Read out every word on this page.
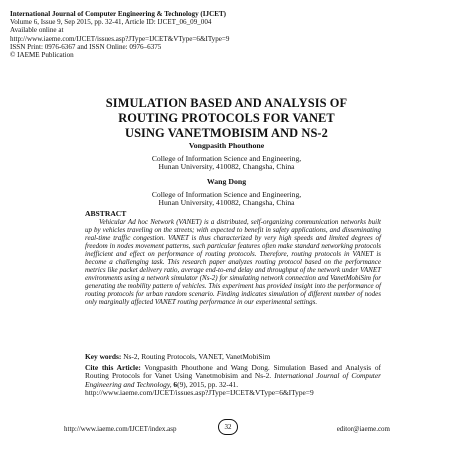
International Journal of Computer Engineering & Technology (IJCET)
Volume 6, Issue 9, Sep 2015, pp. 32-41, Article ID: IJCET_06_09_004
Available online at
http://www.iaeme.com/IJCET/issues.asp?JType=IJCET&VType=6&IType=9
ISSN Print: 0976-6367 and ISSN Online: 0976–6375
© IAEME Publication
SIMULATION BASED AND ANALYSIS OF
ROUTING PROTOCOLS FOR VANET
USING VANETMOBISIM AND NS-2
Vongpasith Phouthone
College of Information Science and Engineering,
Hunan University, 410082, Changsha, China
Wang Dong
College of Information Science and Engineering,
Hunan University, 410082, Changsha, China
ABSTRACT

Vehicular Ad hoc Network (VANET) is a distributed, self-organizing communication networks built up by vehicles traveling on the streets; with expected to benefit in safety applications, and disseminating real-time traffic congestion. VANET is thus characterized by very high speeds and limited degrees of freedom in nodes movement patterns, such particular features often make standard networking protocols inefficient and effect on performance of routing protocols. Therefore, routing protocols in VANET is become a challenging task. This research paper analyzes routing protocol based on the performance metrics like packet delivery ratio, average end-to-end delay and throughput of the network under VANET environments using a network simulator (Ns-2) for simulating network connection and VanetMobiSim for generating the mobility pattern of vehicles. This experiment has provided insight into the performance of routing protocols for urban random scenario. Finding indicates simulation of different number of nodes only marginally affected VANET routing performance in our experimental settings.

Key words: Ns-2, Routing Protocols, VANET, VanetMobiSim
Cite this Article: Vongpasith Phouthone and Wang Dong. Simulation Based and Analysis of Routing Protocols for Vanet Using Vanetmobisim and Ns-2. International Journal of Computer Engineering and Technology, 6(9), 2015, pp. 32-41.
http://www.iaeme.com/IJCET/issues.asp?JType=IJCET&VType=6&IType=9
http://www.iaeme.com/IJCET/index.asp	32	editor@iaeme.com
